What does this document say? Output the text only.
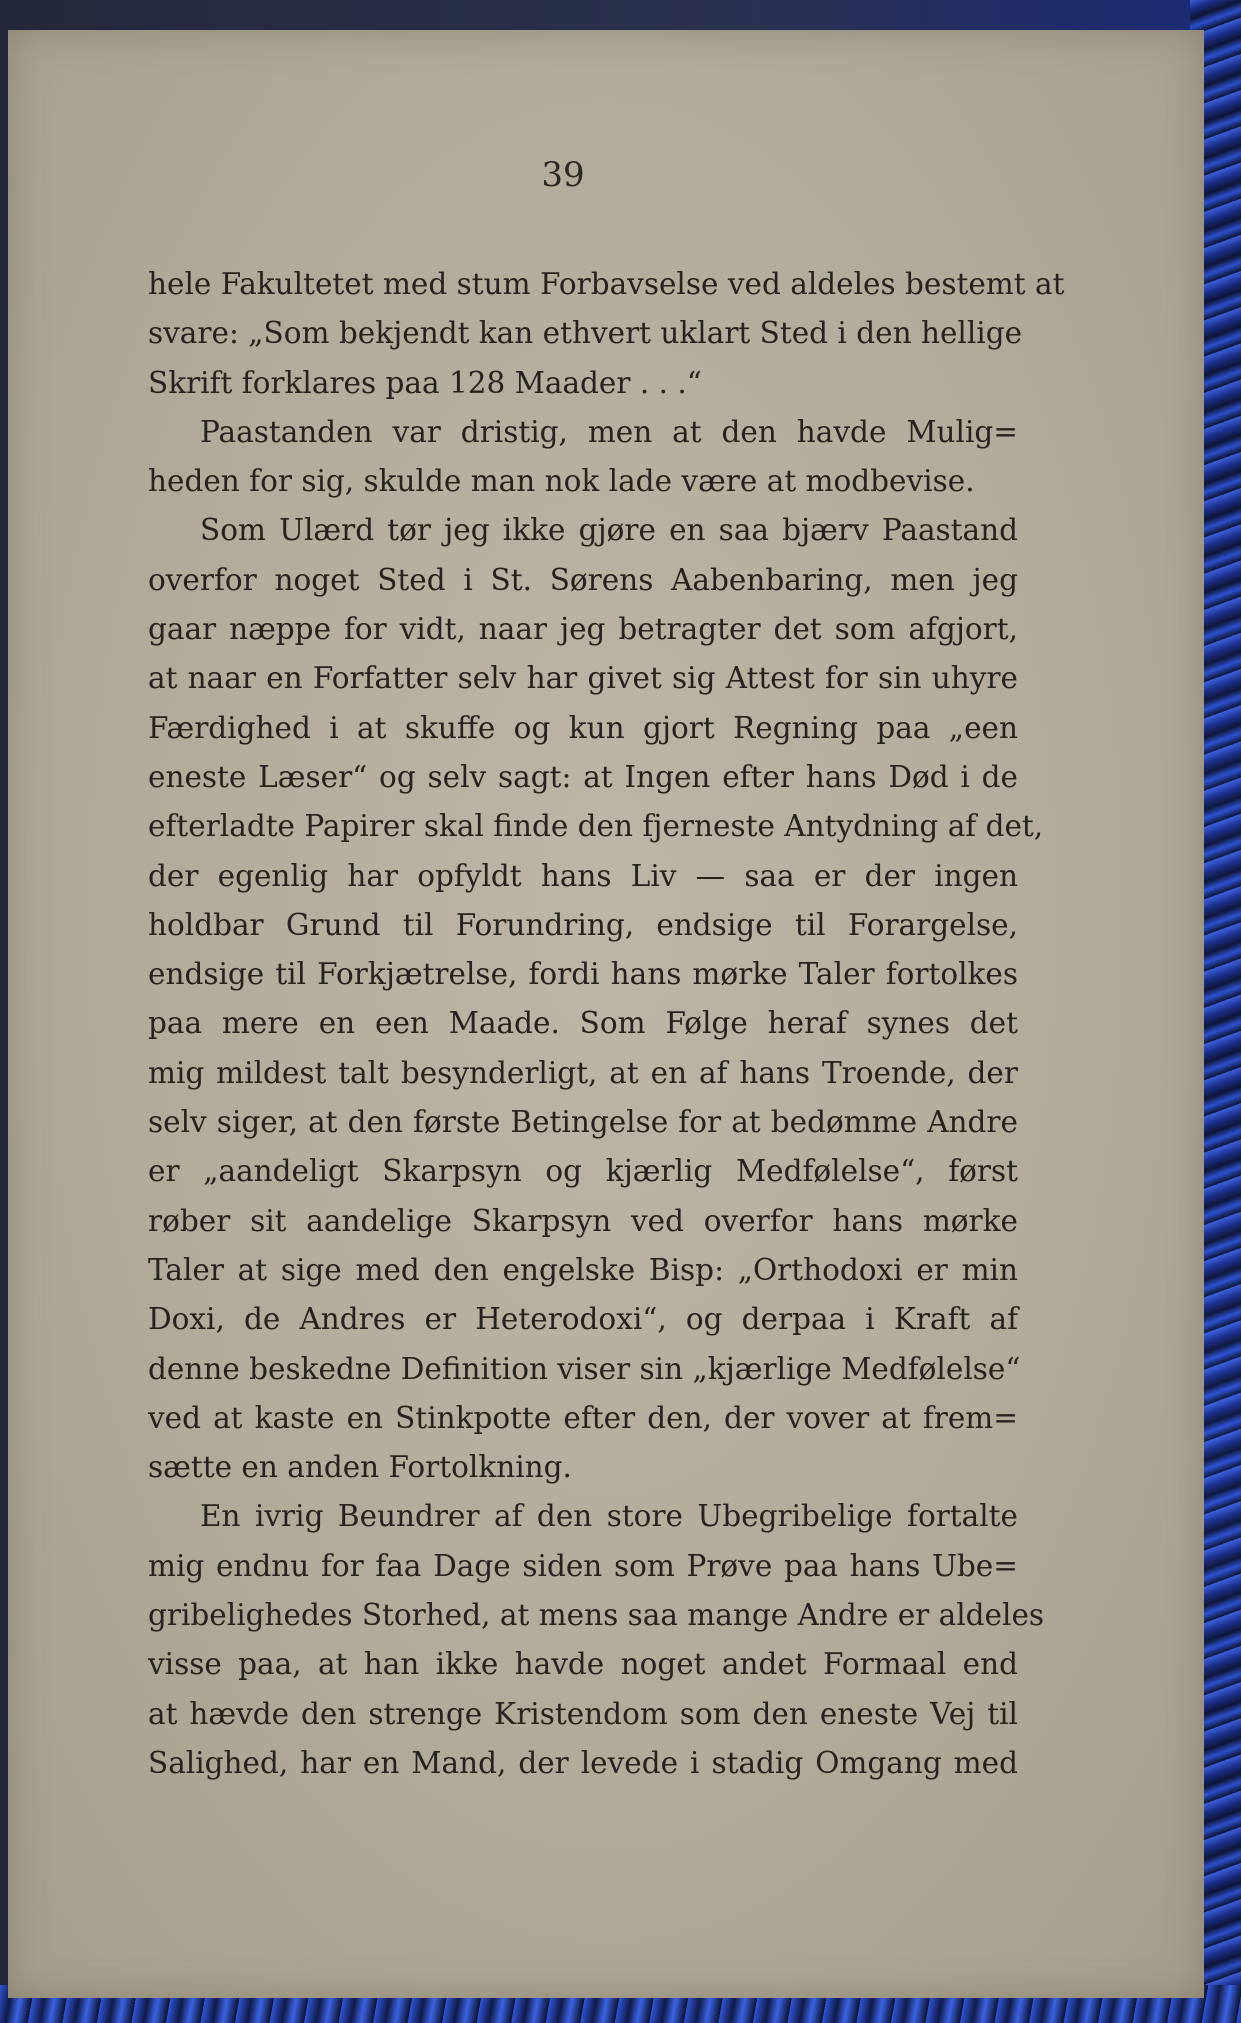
39
hele Fakultetet med stum Forbavselse ved aldeles bestemt at
svare: „Som bekjendt kan ethvert uklart Sted i den hellige
Skrift forklares paa 128 Maader . . .“
Paastanden var dristig, men at den havde Mulig=
heden for sig, skulde man nok lade være at modbevise.
Som Ulærd tør jeg ikke gjøre en saa bjærv Paastand
overfor noget Sted i St. Sørens Aabenbaring, men jeg
gaar næppe for vidt, naar jeg betragter det som afgjort,
at naar en Forfatter selv har givet sig Attest for sin uhyre
Færdighed i at skuffe og kun gjort Regning paa „een
eneste Læser“ og selv sagt: at Ingen efter hans Død i de
efterladte Papirer skal finde den fjerneste Antydning af det,
der egenlig har opfyldt hans Liv — saa er der ingen
holdbar Grund til Forundring, endsige til Forargelse,
endsige til Forkjætrelse, fordi hans mørke Taler fortolkes
paa mere en een Maade. Som Følge heraf synes det
mig mildest talt besynderligt, at en af hans Troende, der
selv siger, at den første Betingelse for at bedømme Andre
er „aandeligt Skarpsyn og kjærlig Medfølelse“, først
røber sit aandelige Skarpsyn ved overfor hans mørke
Taler at sige med den engelske Bisp: „Orthodoxi er min
Doxi, de Andres er Heterodoxi“, og derpaa i Kraft af
denne beskedne Definition viser sin „kjærlige Medfølelse“
ved at kaste en Stinkpotte efter den, der vover at frem=
sætte en anden Fortolkning.
En ivrig Beundrer af den store Ubegribelige fortalte
mig endnu for faa Dage siden som Prøve paa hans Ube=
gribelighedes Storhed, at mens saa mange Andre er aldeles
visse paa, at han ikke havde noget andet Formaal end
at hævde den strenge Kristendom som den eneste Vej til
Salighed, har en Mand, der levede i stadig Omgang med
